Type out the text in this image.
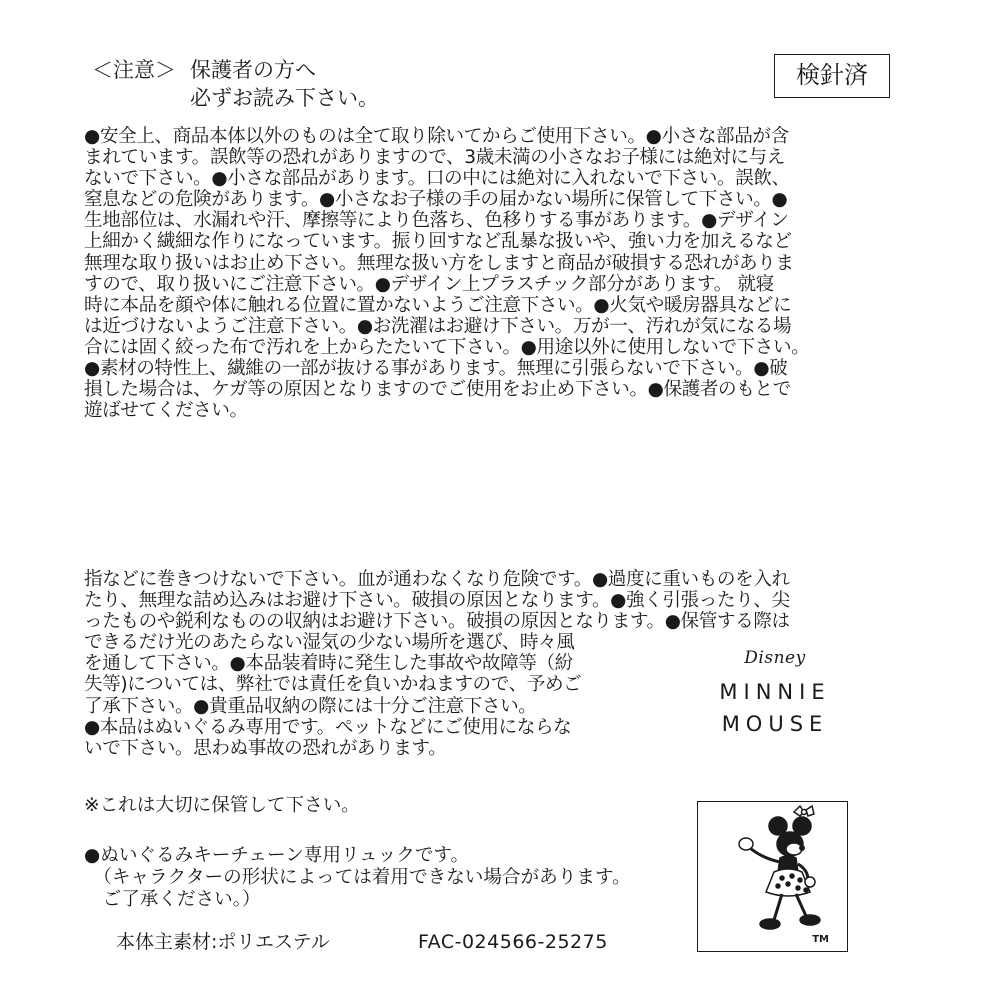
＜注意＞ 保護者の方へ
必ずお読み下さい。
検針済
●安全上、商品本体以外のものは全て取り除いてからご使用下さい。●小さな部品が含
まれています。誤飲等の恐れがありますので、3歳未満の小さなお子様には絶対に与え
ないで下さい。●小さな部品があります。口の中には絶対に入れないで下さい。誤飲、
窒息などの危険があります。●小さなお子様の手の届かない場所に保管して下さい。●
生地部位は、水漏れや汗、摩擦等により色落ち、色移りする事があります。●デザイン
上細かく繊細な作りになっています。振り回すなど乱暴な扱いや、強い力を加えるなど
無理な取り扱いはお止め下さい。無理な扱い方をしますと商品が破損する恐れがありま
すので、取り扱いにご注意下さい。●デザイン上プラスチック部分があります。 就寝
時に本品を顔や体に触れる位置に置かないようご注意下さい。●火気や暖房器具などに
は近づけないようご注意下さい。●お洗濯はお避け下さい。万が一、汚れが気になる場
合には固く絞った布で汚れを上からたたいて下さい。●用途以外に使用しないで下さい。
●素材の特性上、繊維の一部が抜ける事があります。無理に引張らないで下さい。●破
損した場合は、ケガ等の原因となりますのでご使用をお止め下さい。●保護者のもとで
遊ばせてください。
指などに巻きつけないで下さい。血が通わなくなり危険です。●過度に重いものを入れ
たり、無理な詰め込みはお避け下さい。破損の原因となります。●強く引張ったり、尖
ったものや鋭利なものの収納はお避け下さい。破損の原因となります。●保管する際は
できるだけ光のあたらない湿気の少ない場所を選び、時々風
を通して下さい。●本品装着時に発生した事故や故障等（紛
失等)については、弊社では責任を負いかねますので、予めご
了承下さい。●貴重品収納の際には十分ご注意下さい。
●本品はぬいぐるみ専用です。ペットなどにご使用にならな
いで下さい。思わぬ事故の恐れがあります。
Disney
MINNIE
MOUSE
※これは大切に保管して下さい。
●ぬいぐるみキーチェーン専用リュックです。
　（キャラクターの形状によっては着用できない場合があります。
　ご了承ください。）
本体主素材:ポリエステル	FAC-024566-25275	TM
